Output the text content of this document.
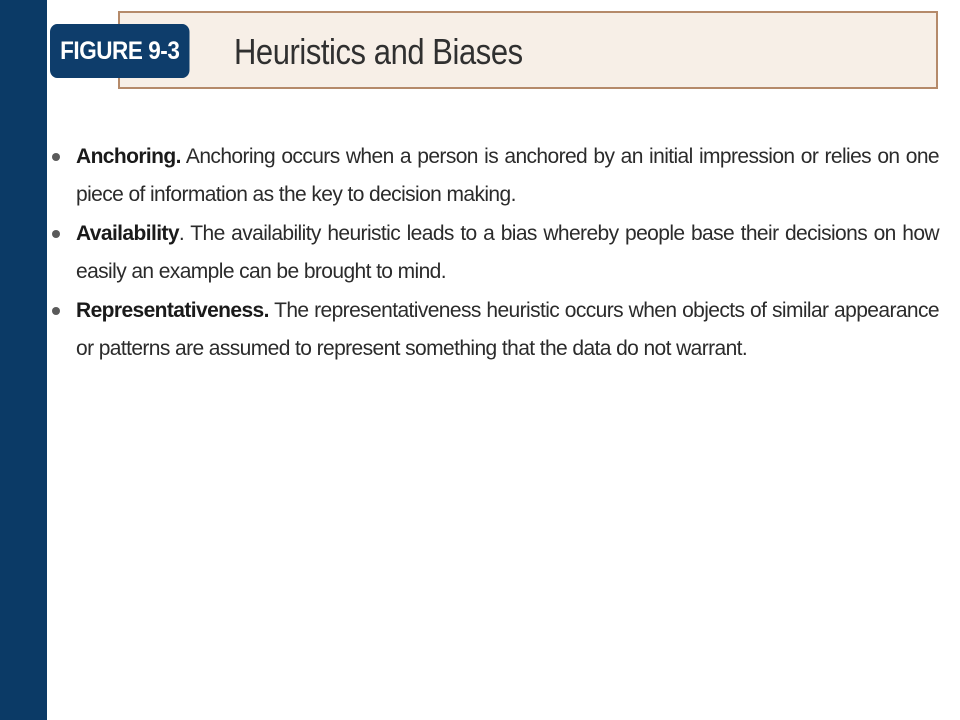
FIGURE 9-3 Heuristics and Biases
Anchoring. Anchoring occurs when a person is anchored by an initial impression or relies on one piece of information as the key to decision making.
Availability. The availability heuristic leads to a bias whereby people base their decisions on how easily an example can be brought to mind.
Representativeness. The representativeness heuristic occurs when objects of similar appearance or patterns are assumed to represent something that the data do not warrant.
